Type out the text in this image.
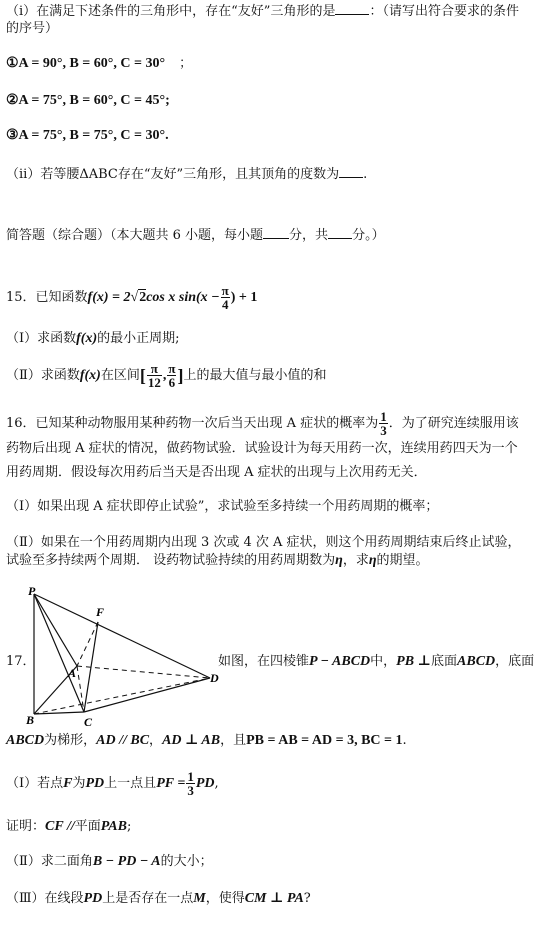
（i）在满足下述条件的三角形中，存在“友好”三角形的是	：（请写出符合要求的条件
的序号）
①A = 90°, B = 60°, C = 30° ；
②A = 75°, B = 60°, C = 45°;
③A = 75°, B = 75°, C = 30°.
（ii）若等腰ΔABC存在“友好”三角形，且其顶角的度数为 .
简答题（综合题）（本大题共 6 小题，每小题 分，共 分。）
15．已知函数f(x) = 2√2cos x $\sin(x - \frac{\pi}{4}$ ) + 1
（Ⅰ）求函数f(x)的最小正周期;
（Ⅱ）求函数f(x)在区间[ $\frac{\pi}{12}$ , $\frac{\pi}{6}$ ]上的最大值与最小值的和
16．已知某种动物服用某种药物一次后当天出现 A 症状的概率为 $\frac{1}{3}$ ．为了研究连续服用该
药物后出现 A 症状的情况，做药物试验．试验设计为每天用药一次，连续用药四天为一个
用药周期．假设每次用药后当天是否出现 A 症状的出现与上次用药无关．
（Ⅰ）如果出现 A 症状即停止试验”，求试验至多持续一个用药周期的概率；
（Ⅱ）如果在一个用药周期内出现 3 次或 4 次 A 症状，则这个用药周期结束后终止试验，
试验至多持续两个周期． 设药物试验持续的用药周期数为η，求η的期望。
P
F
A	D
B	C
17．	如图，在四棱锥P − ABCD中，PB ⊥底面ABCD，底面
ABCD为梯形，AD // BC，AD ⊥ AB，且PB = AB = AD = 3, BC = 1.
（Ⅰ）若点F为PD上一点且PF = $\frac{1}{3}$ PD,
证明：CF //平面PAB;
（Ⅱ）求二面角B − PD − A的大小；
（Ⅲ）在线段PD上是否存在一点M，使得CM ⊥ PA?
